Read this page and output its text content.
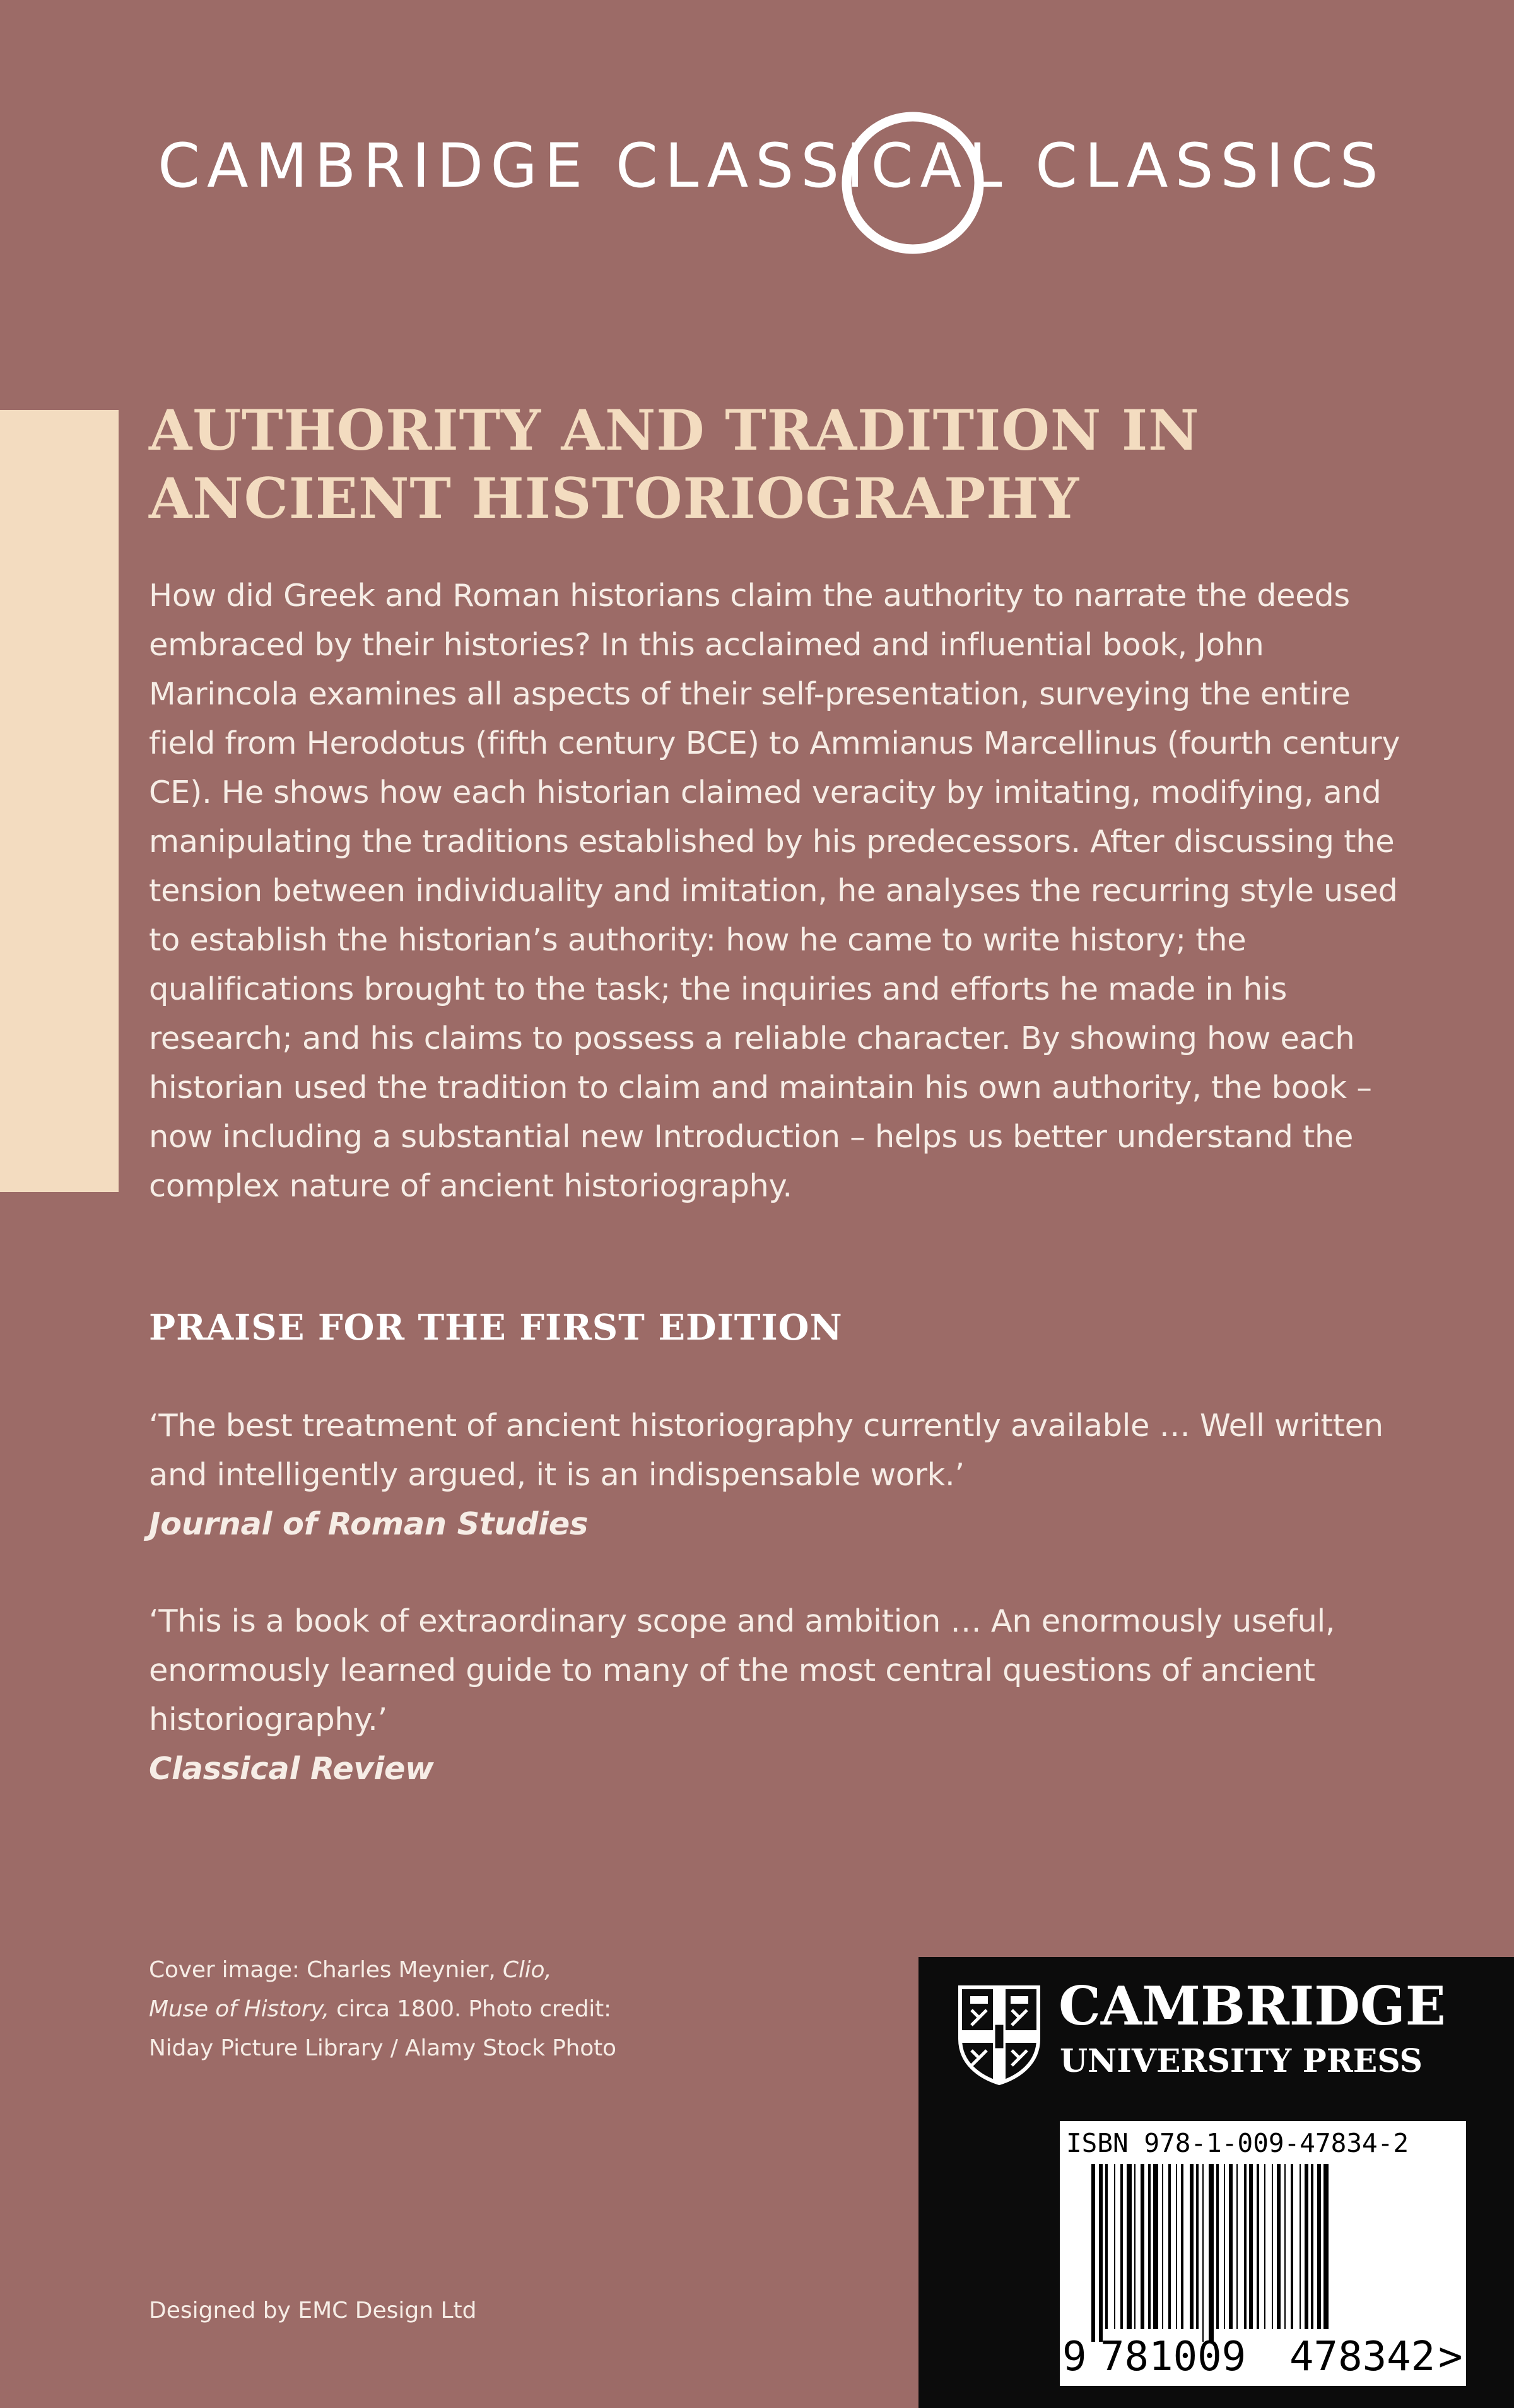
CAMBRIDGE CLASSICAL CLASSICS
AUTHORITY AND TRADITION IN ANCIENT HISTORIOGRAPHY

How did Greek and Roman historians claim the authority to narrate the deeds embraced by their histories? In this acclaimed and influential book, John Marincola examines all aspects of their self-presentation, surveying the entire field from Herodotus (fifth century BCE) to Ammianus Marcellinus (fourth century CE). He shows how each historian claimed veracity by imitating, modifying, and manipulating the traditions established by his predecessors. After discussing the tension between individuality and imitation, he analyses the recurring style used to establish the historian’s authority: how he came to write history; the qualifications brought to the task; the inquiries and efforts he made in his research; and his claims to possess a reliable character. By showing how each historian used the tradition to claim and maintain his own authority, the book – now including a substantial new Introduction – helps us better understand the complex nature of ancient historiography.

PRAISE FOR THE FIRST EDITION
‘The best treatment of ancient historiography currently available … Well written and intelligently argued, it is an indispensable work.’
Journal of Roman Studies
‘This is a book of extraordinary scope and ambition … An enormously useful, enormously learned guide to many of the most central questions of ancient historiography.’
Classical Review
Cover image: Charles Meynier, Clio,
Muse of History, circa 1800. Photo credit:
Niday Picture Library / Alamy Stock Photo
Designed by EMC Design Ltd
CAMBRIDGE
UNIVERSITY PRESS
ISBN 978-1-009-47834-2
9 781009 478342 >
